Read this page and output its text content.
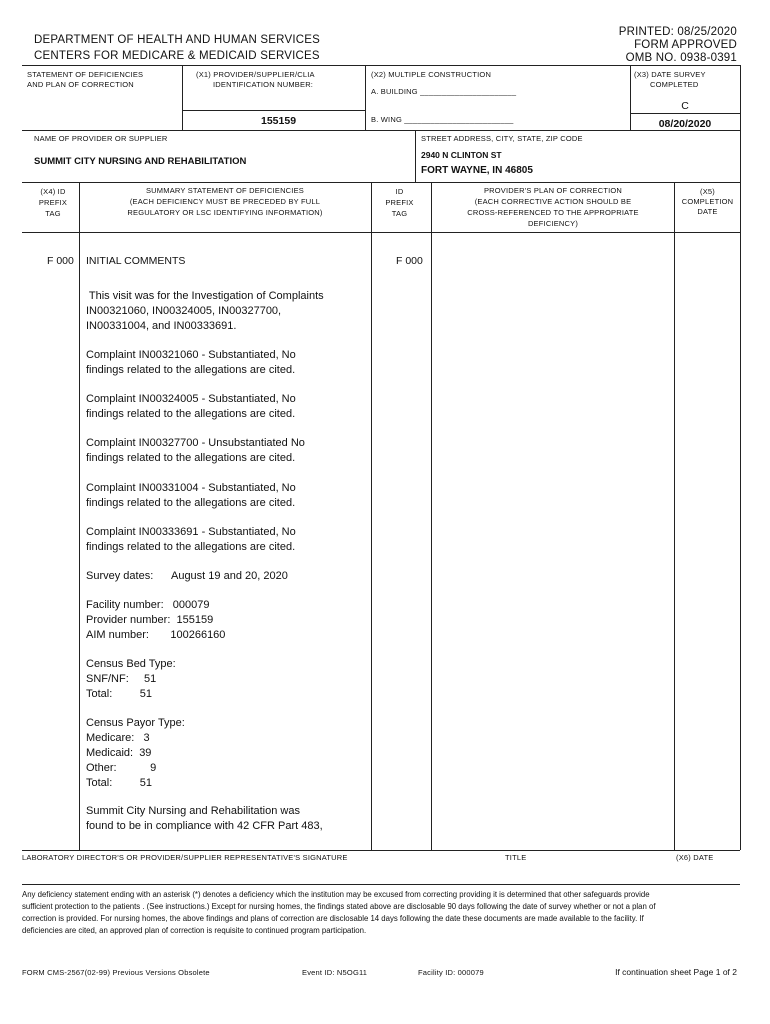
PRINTED: 08/25/2020
FORM APPROVED
OMB NO. 0938-0391
DEPARTMENT OF HEALTH AND HUMAN SERVICES
CENTERS FOR MEDICARE & MEDICAID SERVICES
STATEMENT OF DEFICIENCIES
AND PLAN OF CORRECTION
(X1) PROVIDER/SUPPLIER/CLIA
IDENTIFICATION NUMBER:
155159
(X2) MULTIPLE CONSTRUCTION
A. BUILDING ______________________
B. WING _________________________
(X3) DATE SURVEY
COMPLETED
C
08/20/2020
NAME OF PROVIDER OR SUPPLIER
SUMMIT CITY NURSING AND REHABILITATION
STREET ADDRESS, CITY, STATE, ZIP CODE
2940 N CLINTON ST
FORT WAYNE, IN 46805
(X4) ID
PREFIX
TAG
SUMMARY STATEMENT OF DEFICIENCIES
(EACH DEFICIENCY MUST BE PRECEDED BY FULL
REGULATORY OR LSC IDENTIFYING INFORMATION)
ID
PREFIX
TAG
PROVIDER'S PLAN OF CORRECTION
(EACH CORRECTIVE ACTION SHOULD BE
CROSS-REFERENCED TO THE APPROPRIATE
DEFICIENCY)
(X5)
COMPLETION
DATE
F 000	F 000
INITIAL COMMENTS
This visit was for the Investigation of Complaints
IN00321060, IN00324005, IN00327700,
IN00331004, and IN00333691.
Complaint IN00321060 - Substantiated, No
findings related to the allegations are cited.
Complaint IN00324005 - Substantiated, No
findings related to the allegations are cited.
Complaint IN00327700 - Unsubstantiated No
findings related to the allegations are cited.
Complaint IN00331004 - Substantiated, No
findings related to the allegations are cited.
Complaint IN00333691 - Substantiated, No
findings related to the allegations are cited.
Survey dates:      August 19 and 20, 2020
Facility number:   000079
Provider number:  155159
AIM number:       100266160
Census Bed Type:
SNF/NF:     51
Total:         51
Census Payor Type:
Medicare:   3
Medicaid:  39
Other:           9
Total:         51
Summit City Nursing and Rehabilitation was
found to be in compliance with 42 CFR Part 483,
LABORATORY DIRECTOR'S OR PROVIDER/SUPPLIER REPRESENTATIVE'S SIGNATURE	TITLE	(X6) DATE
Any deficiency statement ending with an asterisk (*) denotes a deficiency which the institution may be excused from correcting providing it is determined that other safeguards provide sufficient protection to the patients . (See instructions.) Except for nursing homes, the findings stated above are disclosable 90 days following the date of survey whether or not a plan of correction is provided. For nursing homes, the above findings and plans of correction are disclosable 14 days following the date these documents are made available to the facility. If deficiencies are cited, an approved plan of correction is requisite to continued program participation.
FORM CMS-2567(02-99) Previous Versions Obsolete	Event ID: N5OG11	Facility ID: 000079	If continuation sheet Page 1 of 2
